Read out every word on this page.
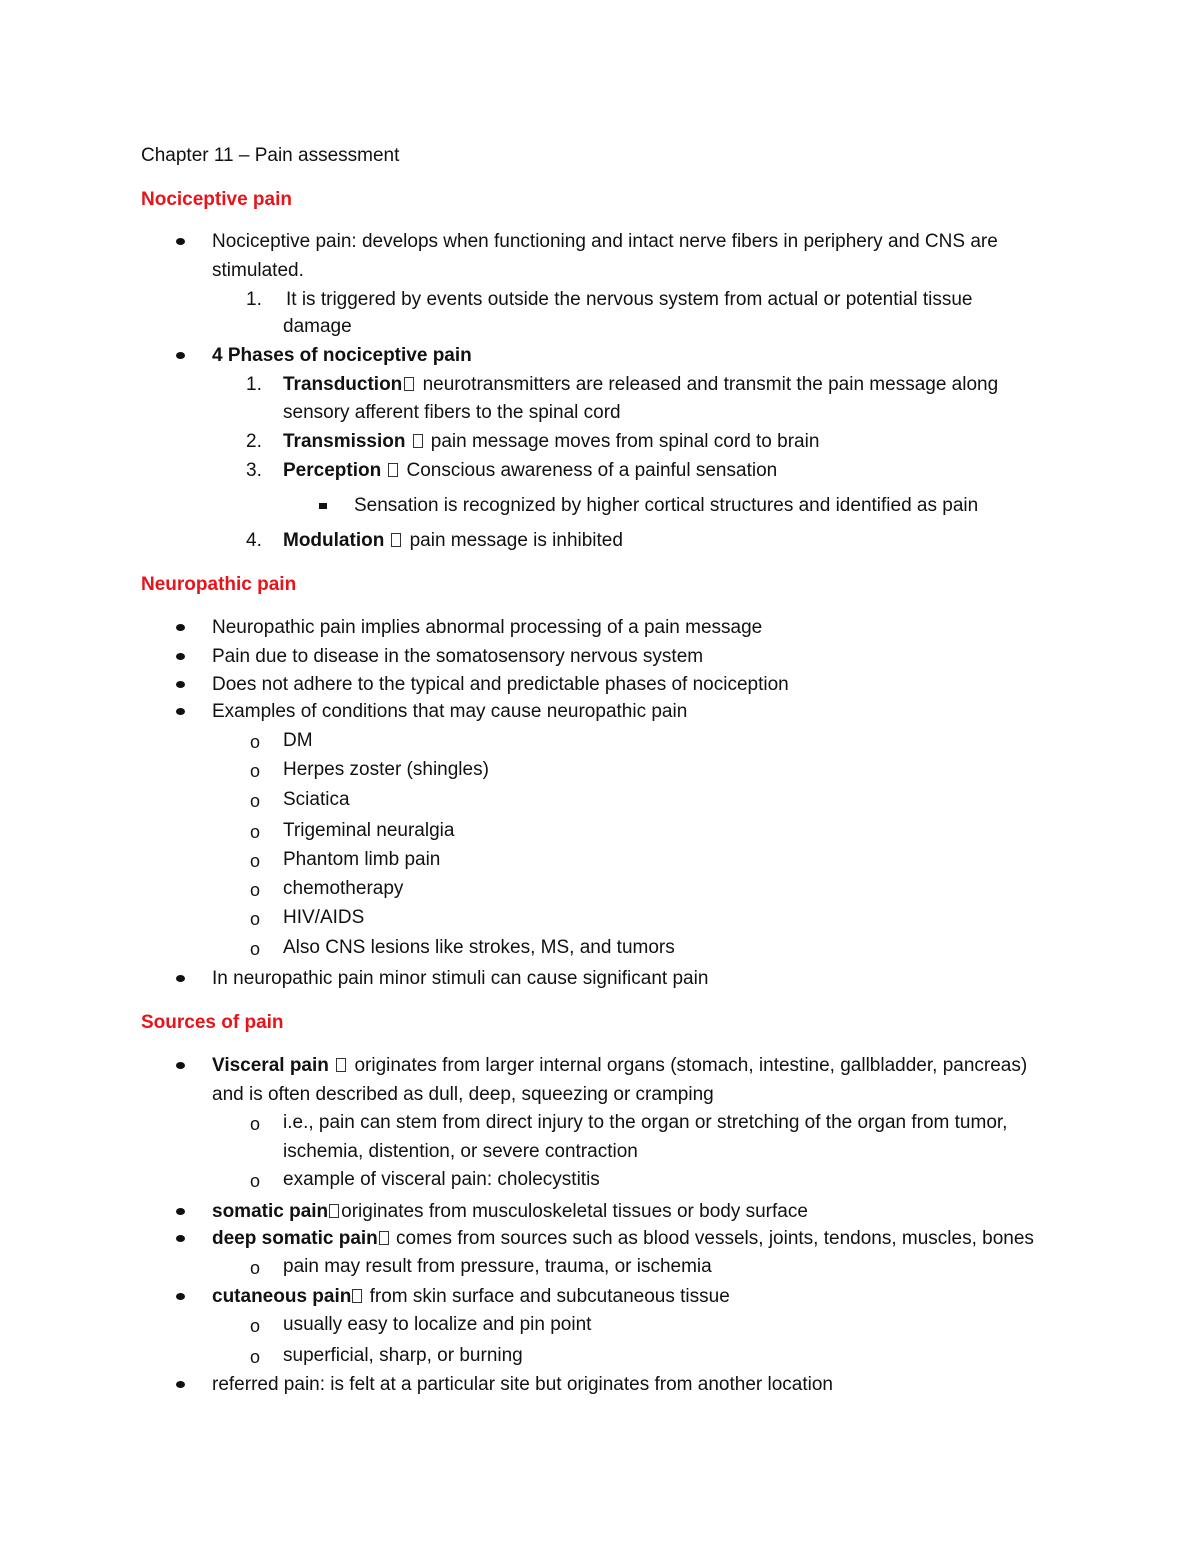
Chapter 11 – Pain assessment
Nociceptive pain
Nociceptive pain: develops when functioning and intact nerve fibers in periphery and CNS are
stimulated.
1. It is triggered by events outside the nervous system from actual or potential tissue
damage
4 Phases of nociceptive pain
1. Transduction neurotransmitters are released and transmit the pain message along
sensory afferent fibers to the spinal cord
2. Transmission pain message moves from spinal cord to brain
3. Perception Conscious awareness of a painful sensation
Sensation is recognized by higher cortical structures and identified as pain
4. Modulation pain message is inhibited
Neuropathic pain
Neuropathic pain implies abnormal processing of a pain message
Pain due to disease in the somatosensory nervous system
Does not adhere to the typical and predictable phases of nociception
Examples of conditions that may cause neuropathic pain
o DM
o Herpes zoster (shingles)
o Sciatica
o Trigeminal neuralgia
o Phantom limb pain
o chemotherapy
o HIV/AIDS
o Also CNS lesions like strokes, MS, and tumors
In neuropathic pain minor stimuli can cause significant pain
Sources of pain
Visceral pain  originates from larger internal organs (stomach, intestine, gallbladder, pancreas)
and is often described as dull, deep, squeezing or cramping
o i.e., pain can stem from direct injury to the organ or stretching of the organ from tumor,
ischemia, distention, or severe contraction
o example of visceral pain: cholecystitis
somatic pain originates from musculoskeletal tissues or body surface
deep somatic pain comes from sources such as blood vessels, joints, tendons, muscles, bones
o pain may result from pressure, trauma, or ischemia
cutaneous pain from skin surface and subcutaneous tissue
o usually easy to localize and pin point
o superficial, sharp, or burning
referred pain: is felt at a particular site but originates from another location
